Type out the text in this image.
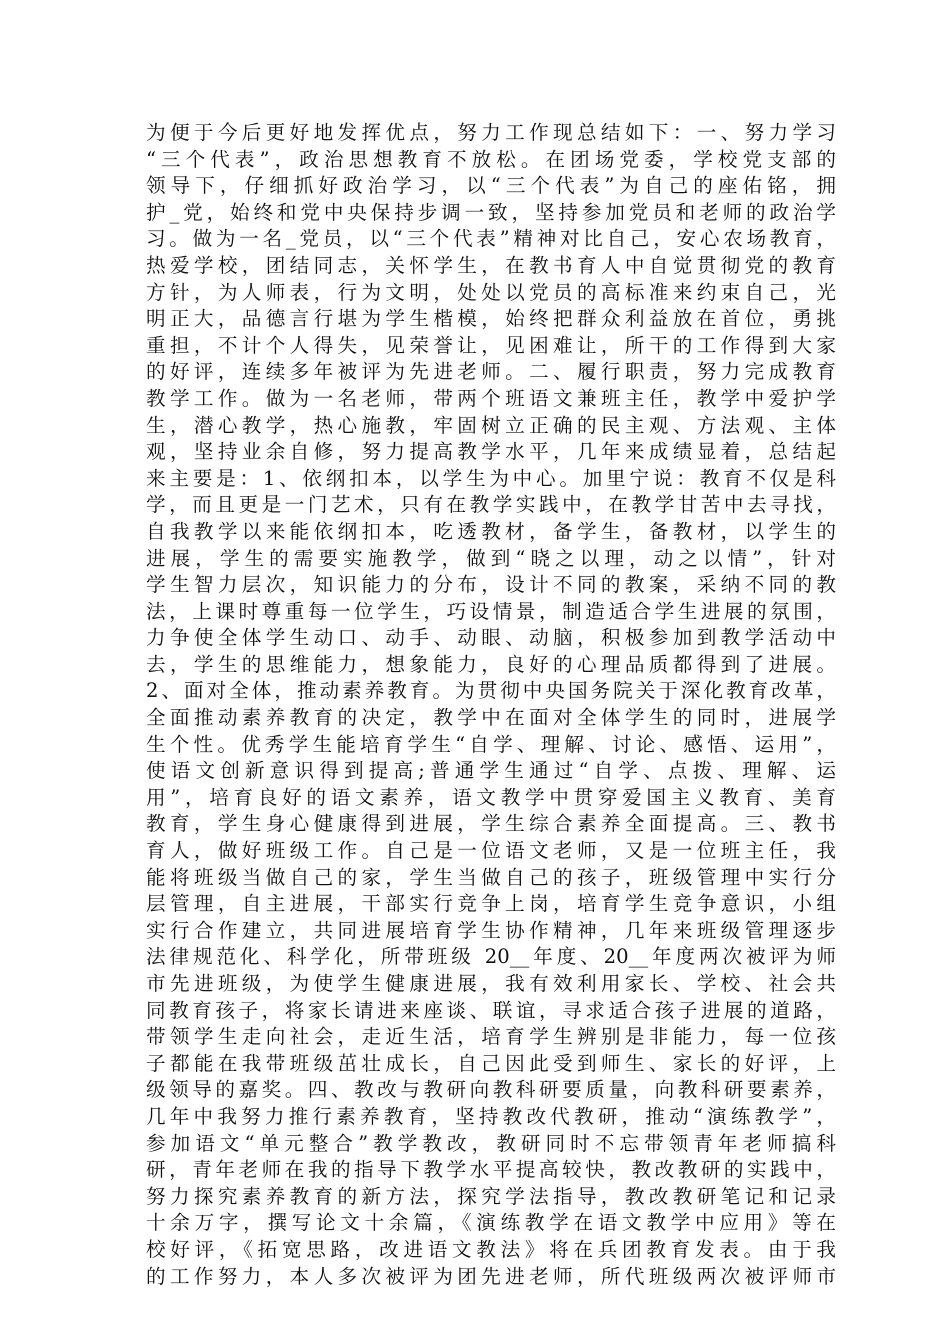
为便于今后更好地发挥优点，努力工作现总结如下：一、努力学习
“三个代表”，政治思想教育不放松。在团场党委，学校党支部的
领导下，仔细抓好政治学习，以“三个代表”为自己的座佑铭，拥
护_党，始终和党中央保持步调一致，坚持参加党员和老师的政治学
习。做为一名_党员，以“三个代表”精神对比自己，安心农场教育，
热爱学校，团结同志，关怀学生，在教书育人中自觉贯彻党的教育
方针，为人师表，行为文明，处处以党员的高标准来约束自己，光
明正大，品德言行堪为学生楷模，始终把群众利益放在首位，勇挑
重担，不计个人得失，见荣誉让，见困难让，所干的工作得到大家
的好评，连续多年被评为先进老师。二、履行职责，努力完成教育
教学工作。做为一名老师，带两个班语文兼班主任，教学中爱护学
生，潜心教学，热心施教，牢固树立正确的民主观、方法观、主体
观，坚持业余自修，努力提高教学水平，几年来成绩显着，总结起
来主要是：1、依纲扣本，以学生为中心。加里宁说：教育不仅是科
学，而且更是一门艺术，只有在教学实践中，在教学甘苦中去寻找，
自我教学以来能依纲扣本，吃透教材，备学生，备教材，以学生的
进展，学生的需要实施教学，做到“晓之以理，动之以情”，针对
学生智力层次，知识能力的分布，设计不同的教案，采纳不同的教
法，上课时尊重每一位学生，巧设情景，制造适合学生进展的氛围，
力争使全体学生动口、动手、动眼、动脑，积极参加到教学活动中
去，学生的思维能力，想象能力，良好的心理品质都得到了进展。
2、面对全体，推动素养教育。为贯彻中央国务院关于深化教育改革，
全面推动素养教育的决定，教学中在面对全体学生的同时，进展学
生个性。优秀学生能培育学生“自学、理解、讨论、感悟、运用”，
使语文创新意识得到提高;普通学生通过“自学、点拨、理解、运
用”，培育良好的语文素养，语文教学中贯穿爱国主义教育、美育
教育，学生身心健康得到进展，学生综合素养全面提高。三、教书
育人，做好班级工作。自己是一位语文老师，又是一位班主任，我
能将班级当做自己的家，学生当做自己的孩子，班级管理中实行分
层管理，自主进展，干部实行竞争上岗，培育学生竞争意识，小组
实行合作建立，共同进展培育学生协作精神，几年来班级管理逐步
法律规范化、科学化，所带班级 20__年度、20__年度两次被评为师
市先进班级，为使学生健康进展，我有效利用家长、学校、社会共
同教育孩子，将家长请进来座谈、联谊，寻求适合孩子进展的道路，
带领学生走向社会，走近生活，培育学生辨别是非能力，每一位孩
子都能在我带班级茁壮成长，自己因此受到师生、家长的好评，上
级领导的嘉奖。四、教改与教研向教科研要质量，向教科研要素养，
几年中我努力推行素养教育，坚持教改代教研，推动“演练教学”，
参加语文“单元整合”教学教改，教研同时不忘带领青年老师搞科
研，青年老师在我的指导下教学水平提高较快，教改教研的实践中，
努力探究素养教育的新方法，探究学法指导，教改教研笔记和记录
十余万字，撰写论文十余篇，《演练教学在语文教学中应用》等在
校好评，《拓宽思路，改进语文教法》将在兵团教育发表。由于我
的工作努力，本人多次被评为团先进老师，所代班级两次被评师市
